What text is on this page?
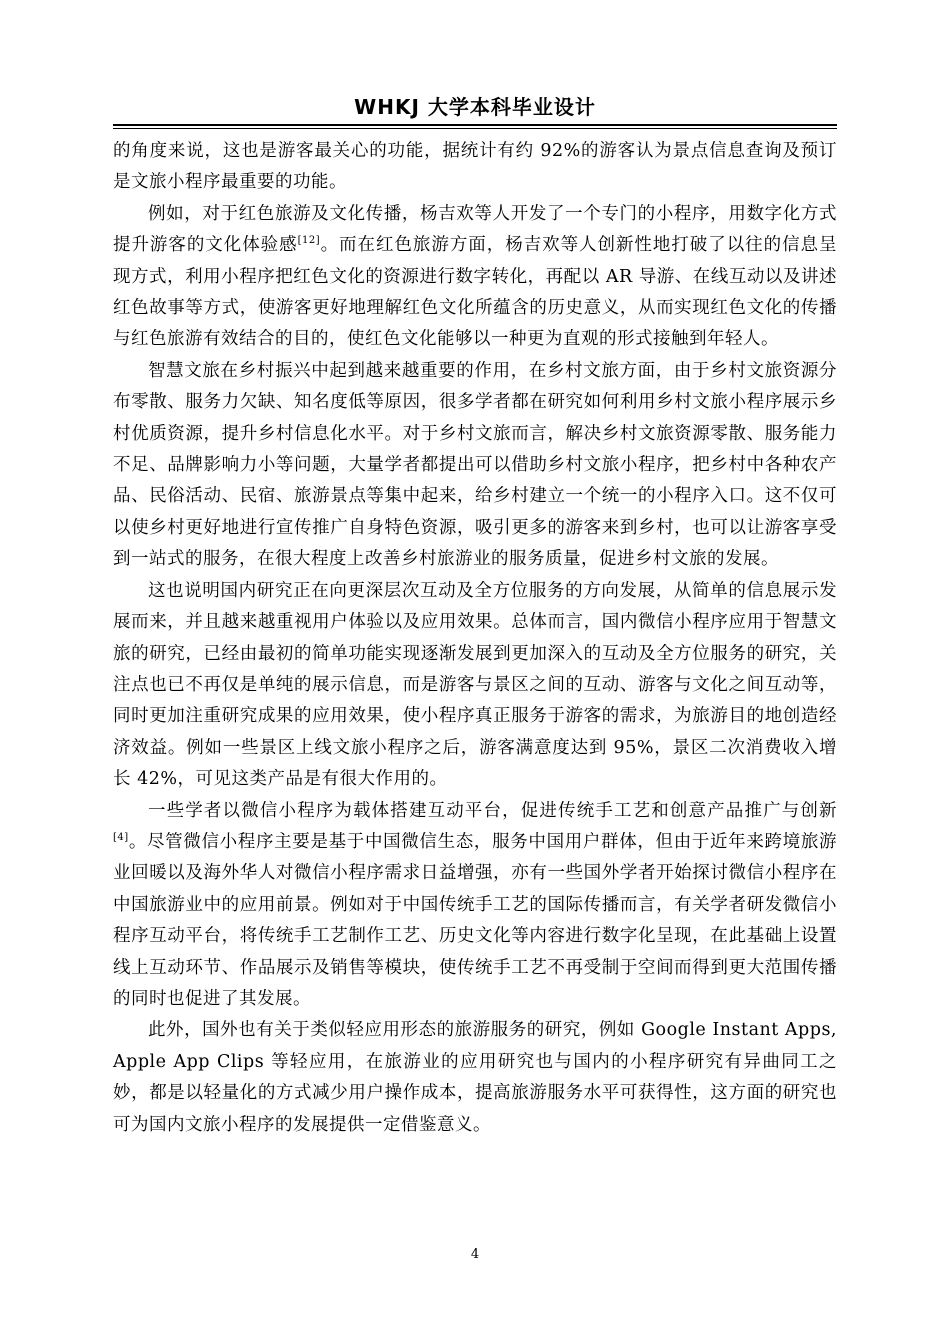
WHKJ 大学本科毕业设计

的角度来说，这也是游客最关心的功能，据统计有约 92%的游客认为景点信息查询及预订是文旅小程序最重要的功能。

例如，对于红色旅游及文化传播，杨吉欢等人开发了一个专门的小程序，用数字化方式提升游客的文化体验感[12]。而在红色旅游方面，杨吉欢等人创新性地打破了以往的信息呈现方式，利用小程序把红色文化的资源进行数字转化，再配以 AR 导游、在线互动以及讲述红色故事等方式，使游客更好地理解红色文化所蕴含的历史意义，从而实现红色文化的传播与红色旅游有效结合的目的，使红色文化能够以一种更为直观的形式接触到年轻人。

智慧文旅在乡村振兴中起到越来越重要的作用，在乡村文旅方面，由于乡村文旅资源分布零散、服务力欠缺、知名度低等原因，很多学者都在研究如何利用乡村文旅小程序展示乡村优质资源，提升乡村信息化水平。对于乡村文旅而言，解决乡村文旅资源零散、服务能力不足、品牌影响力小等问题，大量学者都提出可以借助乡村文旅小程序，把乡村中各种农产品、民俗活动、民宿、旅游景点等集中起来，给乡村建立一个统一的小程序入口。这不仅可以使乡村更好地进行宣传推广自身特色资源，吸引更多的游客来到乡村，也可以让游客享受到一站式的服务，在很大程度上改善乡村旅游业的服务质量，促进乡村文旅的发展。

这也说明国内研究正在向更深层次互动及全方位服务的方向发展，从简单的信息展示发展而来，并且越来越重视用户体验以及应用效果。总体而言，国内微信小程序应用于智慧文旅的研究，已经由最初的简单功能实现逐渐发展到更加深入的互动及全方位服务的研究，关注点也已不再仅是单纯的展示信息，而是游客与景区之间的互动、游客与文化之间互动等，同时更加注重研究成果的应用效果，使小程序真正服务于游客的需求，为旅游目的地创造经济效益。例如一些景区上线文旅小程序之后，游客满意度达到 95%，景区二次消费收入增长 42%，可见这类产品是有很大作用的。

一些学者以微信小程序为载体搭建互动平台，促进传统手工艺和创意产品推广与创新[4]。尽管微信小程序主要是基于中国微信生态，服务中国用户群体，但由于近年来跨境旅游业回暖以及海外华人对微信小程序需求日益增强，亦有一些国外学者开始探讨微信小程序在中国旅游业中的应用前景。例如对于中国传统手工艺的国际传播而言，有关学者研发微信小程序互动平台，将传统手工艺制作工艺、历史文化等内容进行数字化呈现，在此基础上设置线上互动环节、作品展示及销售等模块，使传统手工艺不再受制于空间而得到更大范围传播的同时也促进了其发展。

此外，国外也有关于类似轻应用形态的旅游服务的研究，例如 Google Instant Apps, Apple App Clips 等轻应用，在旅游业的应用研究也与国内的小程序研究有异曲同工之妙，都是以轻量化的方式减少用户操作成本，提高旅游服务水平可获得性，这方面的研究也可为国内文旅小程序的发展提供一定借鉴意义。

4
